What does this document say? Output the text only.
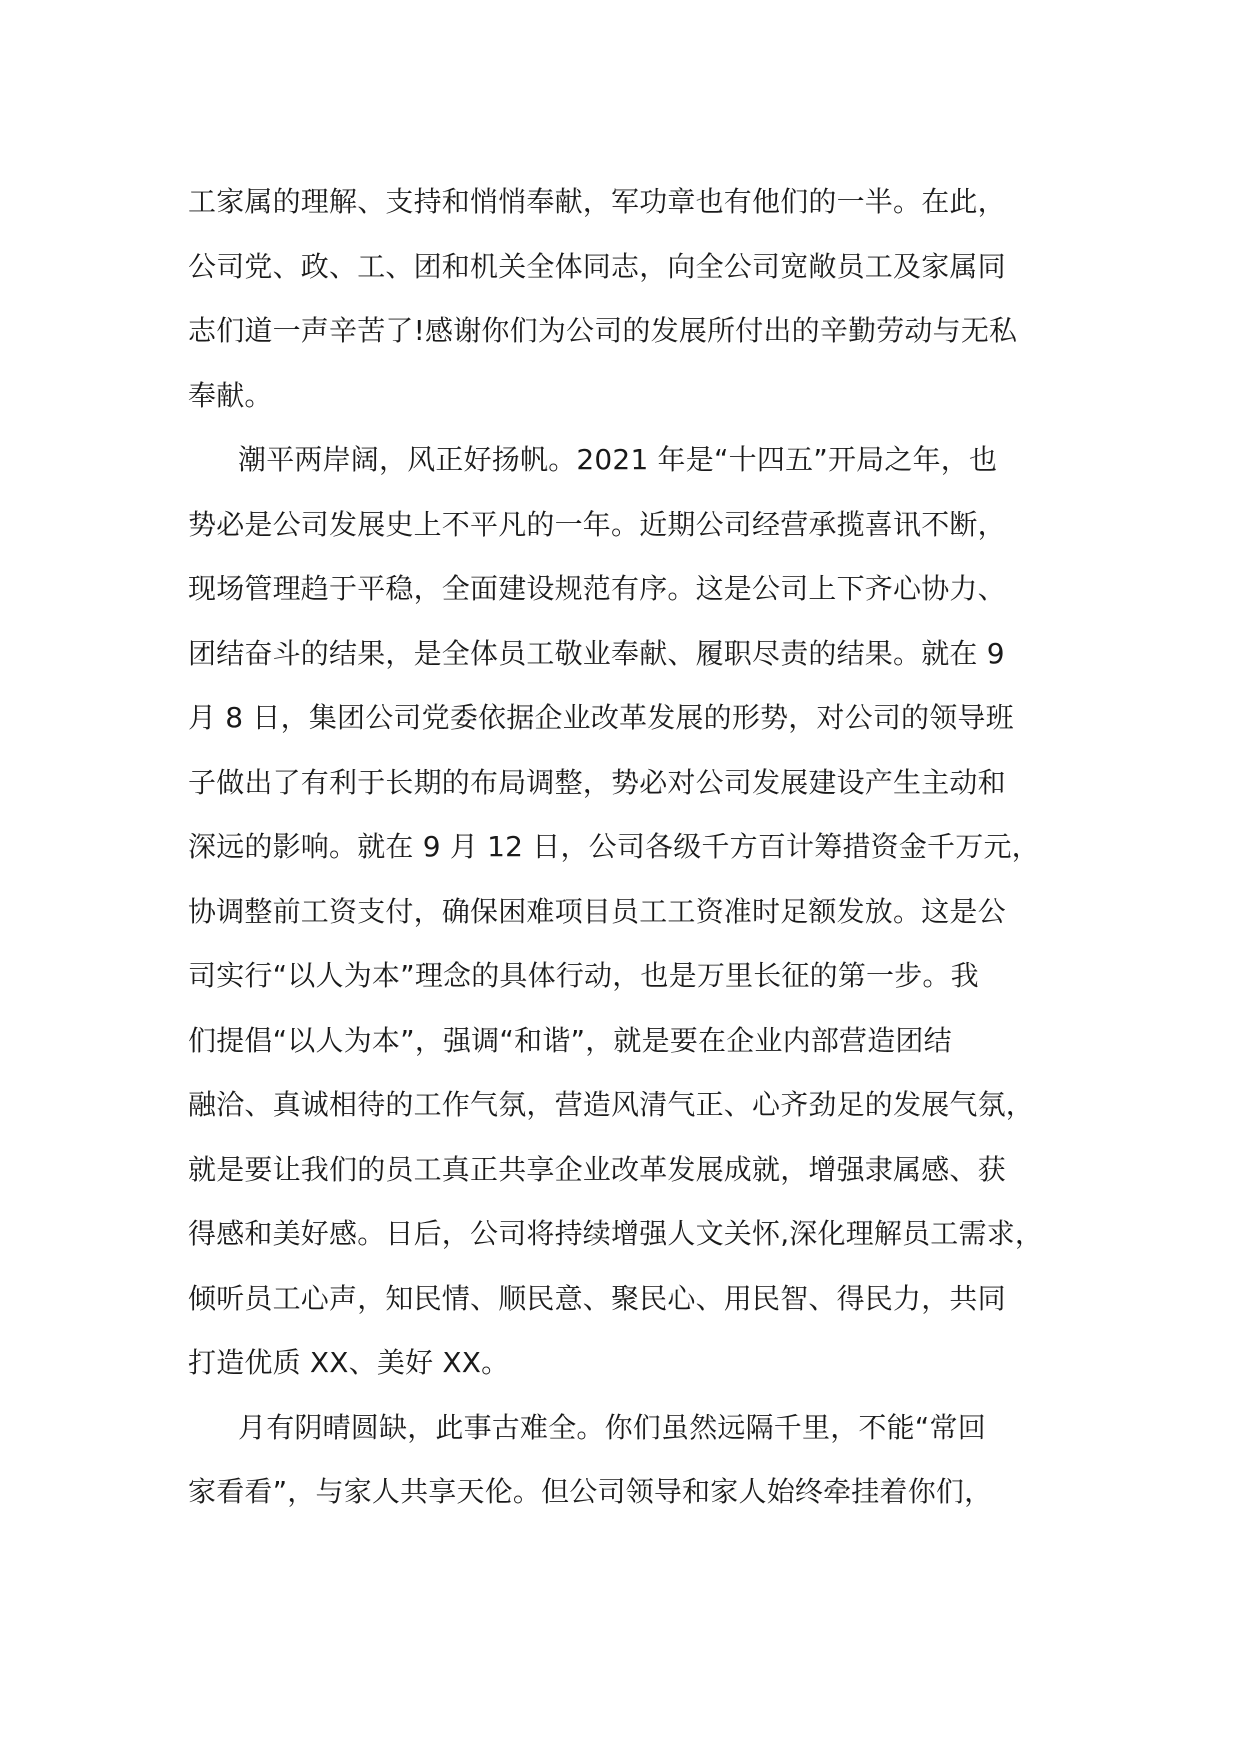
工家属的理解、支持和悄悄奉献，军功章也有他们的一半。在此，
公司党、政、工、团和机关全体同志，向全公司宽敞员工及家属同
志们道一声辛苦了!感谢你们为公司的发展所付出的辛勤劳动与无私
奉献。
潮平两岸阔，风正好扬帆。2021 年是“十四五”开局之年，也
势必是公司发展史上不平凡的一年。近期公司经营承揽喜讯不断，
现场管理趋于平稳，全面建设规范有序。这是公司上下齐心协力、
团结奋斗的结果，是全体员工敬业奉献、履职尽责的结果。就在 9
月 8 日，集团公司党委依据企业改革发展的形势，对公司的领导班
子做出了有利于长期的布局调整，势必对公司发展建设产生主动和
深远的影响。就在 9 月 12 日，公司各级千方百计筹措资金千万元，
协调整前工资支付，确保困难项目员工工资准时足额发放。这是公
司实行“以人为本”理念的具体行动，也是万里长征的第一步。我
们提倡“以人为本”，强调“和谐”，就是要在企业内部营造团结
融洽、真诚相待的工作气氛，营造风清气正、心齐劲足的发展气氛，
就是要让我们的员工真正共享企业改革发展成就，增强隶属感、获
得感和美好感。日后，公司将持续增强人文关怀,深化理解员工需求，
倾听员工心声，知民情、顺民意、聚民心、用民智、得民力，共同
打造优质 XX、美好 XX。
月有阴晴圆缺，此事古难全。你们虽然远隔千里，不能“常回
家看看”，与家人共享天伦。但公司领导和家人始终牵挂着你们，
